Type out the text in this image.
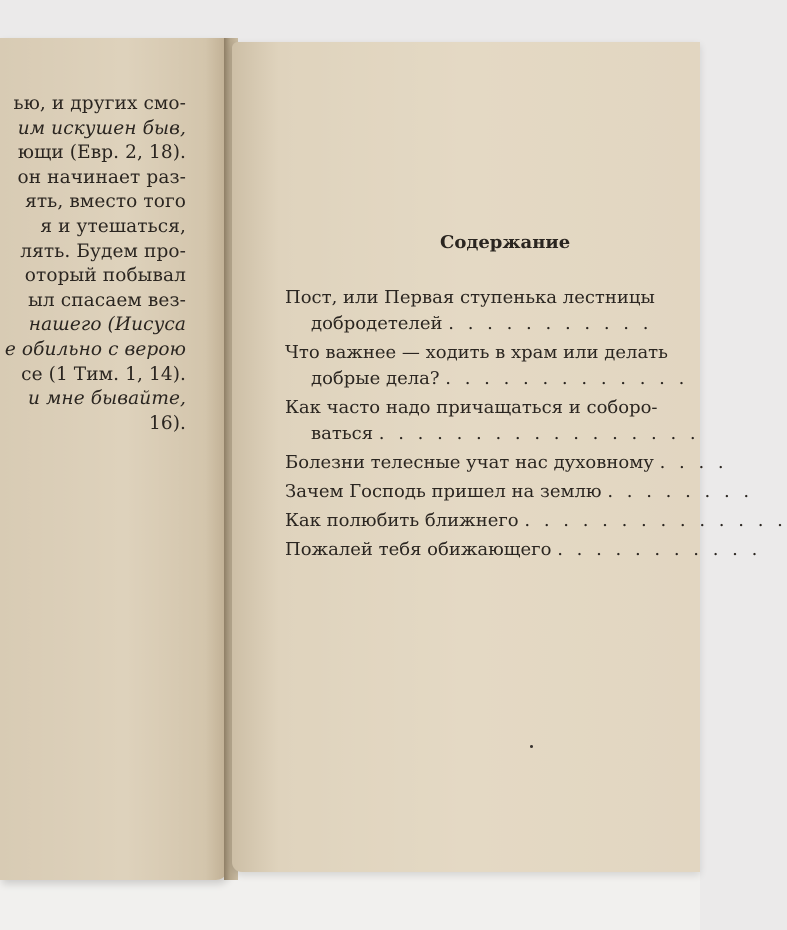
ью, и других смо-
им искушен быв,
ющи (Евр. 2, 18).
он начинает раз-
ять, вместо того
я и утешаться,
лять. Будем про-
оторый побывал
ыл спасаем вез-
нашего (Иисуса
е обильно с верою
се (1 Тим. 1, 14).
и мне бывайте,
16).
Содержание
Пост, или Первая ступенька лестницы
добродетелей . . . . . . . . . . .
Что важнее — ходить в храм или делать
добрые дела? . . . . . . . . . . . . .
Как часто надо причащаться и соборо-
ваться . . . . . . . . . . . . . . . . .
Болезни телесные учат нас духовному . . . .
Зачем Господь пришел на землю . . . . . . . .
Как полюбить ближнего . . . . . . . . . . . . . .
Пожалей тебя обижающего . . . . . . . . . . .
